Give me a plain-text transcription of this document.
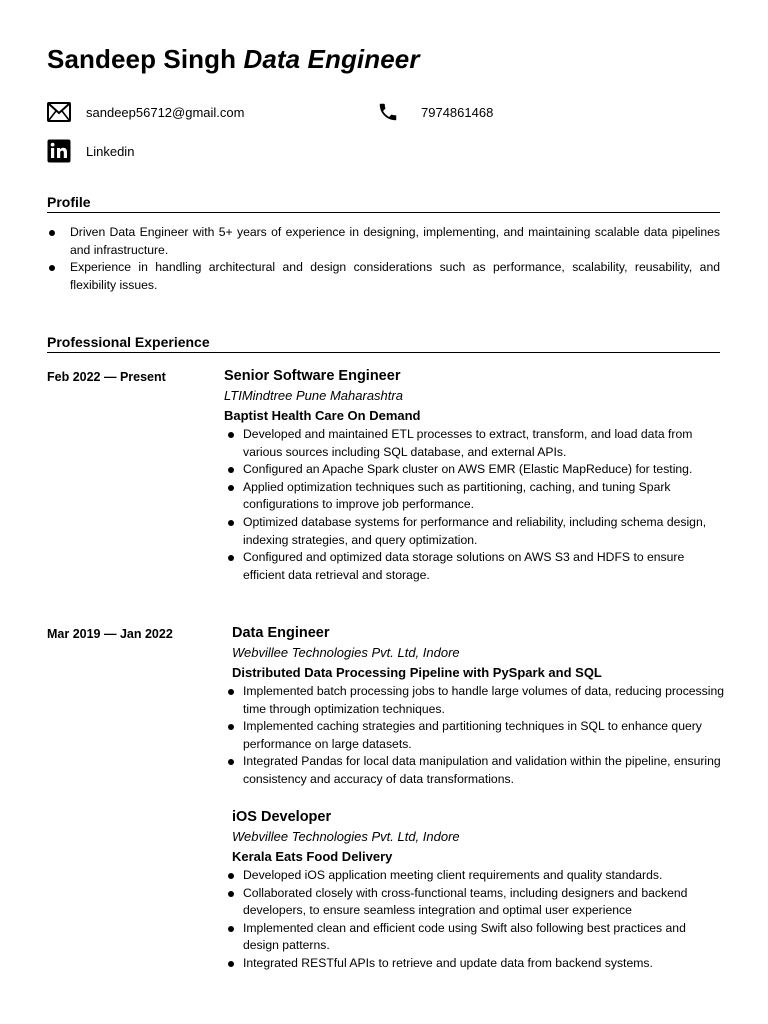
Sandeep Singh Data Engineer
sandeep56712@gmail.com	7974861468
Linkedin
Profile
Driven Data Engineer with 5+ years of experience in designing, implementing, and maintaining scalable data pipelines and infrastructure.
Experience in handling architectural and design considerations such as performance, scalability, reusability, and flexibility issues.
Professional Experience
Feb 2022 — Present	Senior Software Engineer

LTIMindtree Pune Maharashtra

Baptist Health Care On Demand

Developed and maintained ETL processes to extract, transform, and load data from various sources including SQL database, and external APIs.
Configured an Apache Spark cluster on AWS EMR (Elastic MapReduce) for testing.
Applied optimization techniques such as partitioning, caching, and tuning Spark configurations to improve job performance.
Optimized database systems for performance and reliability, including schema design, indexing strategies, and query optimization.
Configured and optimized data storage solutions on AWS S3 and HDFS to ensure efficient data retrieval and storage.
Mar 2019 — Jan 2022	Data Engineer

Webvillee Technologies Pvt. Ltd, Indore

Distributed Data Processing Pipeline with PySpark and SQL

Implemented batch processing jobs to handle large volumes of data, reducing processing time through optimization techniques.
Implemented caching strategies and partitioning techniques in SQL to enhance query performance on large datasets.
Integrated Pandas for local data manipulation and validation within the pipeline, ensuring consistency and accuracy of data transformations.

iOS Developer

Webvillee Technologies Pvt. Ltd, Indore

Kerala Eats Food Delivery

Developed iOS application meeting client requirements and quality standards.
Collaborated closely with cross-functional teams, including designers and backend developers, to ensure seamless integration and optimal user experience
Implemented clean and efficient code using Swift also following best practices and design patterns.
Integrated RESTful APIs to retrieve and update data from backend systems.
